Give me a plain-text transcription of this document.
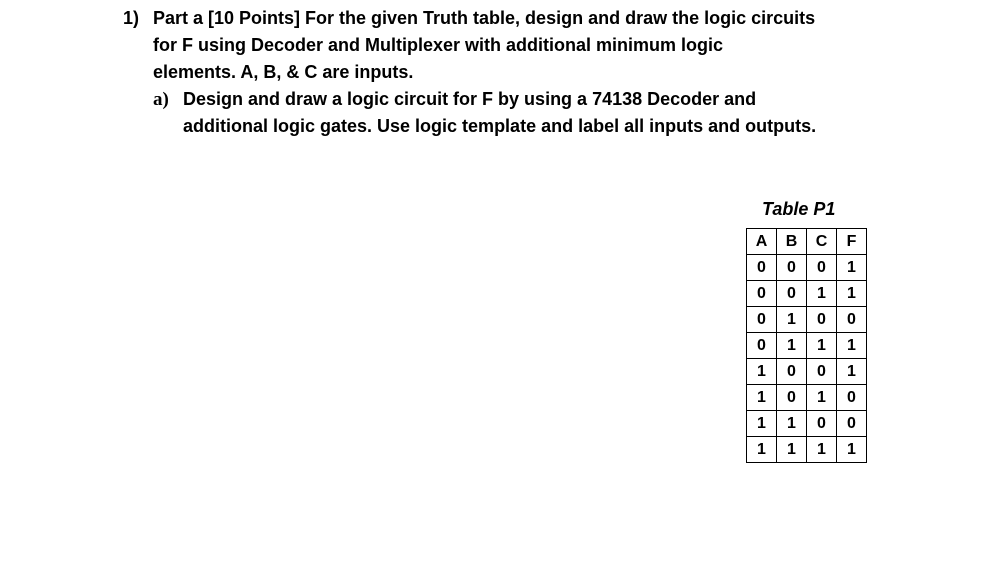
1) Part a [10 Points] For the given Truth table, design and draw the logic circuits
for F using Decoder and Multiplexer with additional minimum logic
elements. A, B, & C are inputs.
a) Design and draw a logic circuit for F by using a 74138 Decoder and
additional logic gates. Use logic template and label all inputs and outputs.
Table P1
A	B	C	F
0	0	0	1
0	0	1	1
0	1	0	0
0	1	1	1
1	0	0	1
1	0	1	0
1	1	0	0
1	1	1	1
